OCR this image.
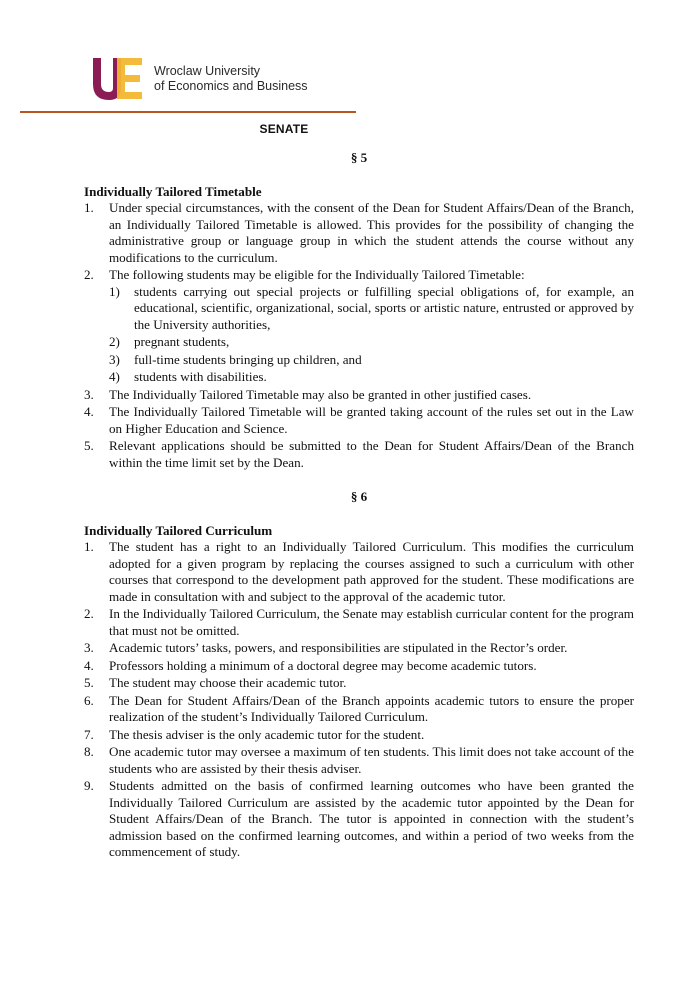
Wroclaw University
of Economics and Business
SENATE

§ 5

Individually Tailored Timetable

1. Under special circumstances, with the consent of the Dean for Student Affairs/Dean of the Branch, an Individually Tailored Timetable is allowed. This provides for the possibility of changing the administrative group or language group in which the student attends the course without any modifications to the curriculum.
2. The following students may be eligible for the Individually Tailored Timetable:
1) students carrying out special projects or fulfilling special obligations of, for example, an educational, scientific, organizational, social, sports or artistic nature, entrusted or approved by the University authorities,
2) pregnant students,
3) full-time students bringing up children, and
4) students with disabilities.
3. The Individually Tailored Timetable may also be granted in other justified cases.
4. The Individually Tailored Timetable will be granted taking account of the rules set out in the Law on Higher Education and Science.
5. Relevant applications should be submitted to the Dean for Student Affairs/Dean of the Branch within the time limit set by the Dean.

§ 6

Individually Tailored Curriculum

1. The student has a right to an Individually Tailored Curriculum. This modifies the curriculum adopted for a given program by replacing the courses assigned to such a curriculum with other courses that correspond to the development path approved for the student. These modifications are made in consultation with and subject to the approval of the academic tutor.
2. In the Individually Tailored Curriculum, the Senate may establish curricular content for the program that must not be omitted.
3. Academic tutors’ tasks, powers, and responsibilities are stipulated in the Rector’s order.
4. Professors holding a minimum of a doctoral degree may become academic tutors.
5. The student may choose their academic tutor.
6. The Dean for Student Affairs/Dean of the Branch appoints academic tutors to ensure the proper realization of the student’s Individually Tailored Curriculum.
7. The thesis adviser is the only academic tutor for the student.
8. One academic tutor may oversee a maximum of ten students. This limit does not take account of the students who are assisted by their thesis adviser.
9. Students admitted on the basis of confirmed learning outcomes who have been granted the Individually Tailored Curriculum are assisted by the academic tutor appointed by the Dean for Student Affairs/Dean of the Branch. The tutor is appointed in connection with the student’s admission based on the confirmed learning outcomes, and within a period of two weeks from the commencement of study.
